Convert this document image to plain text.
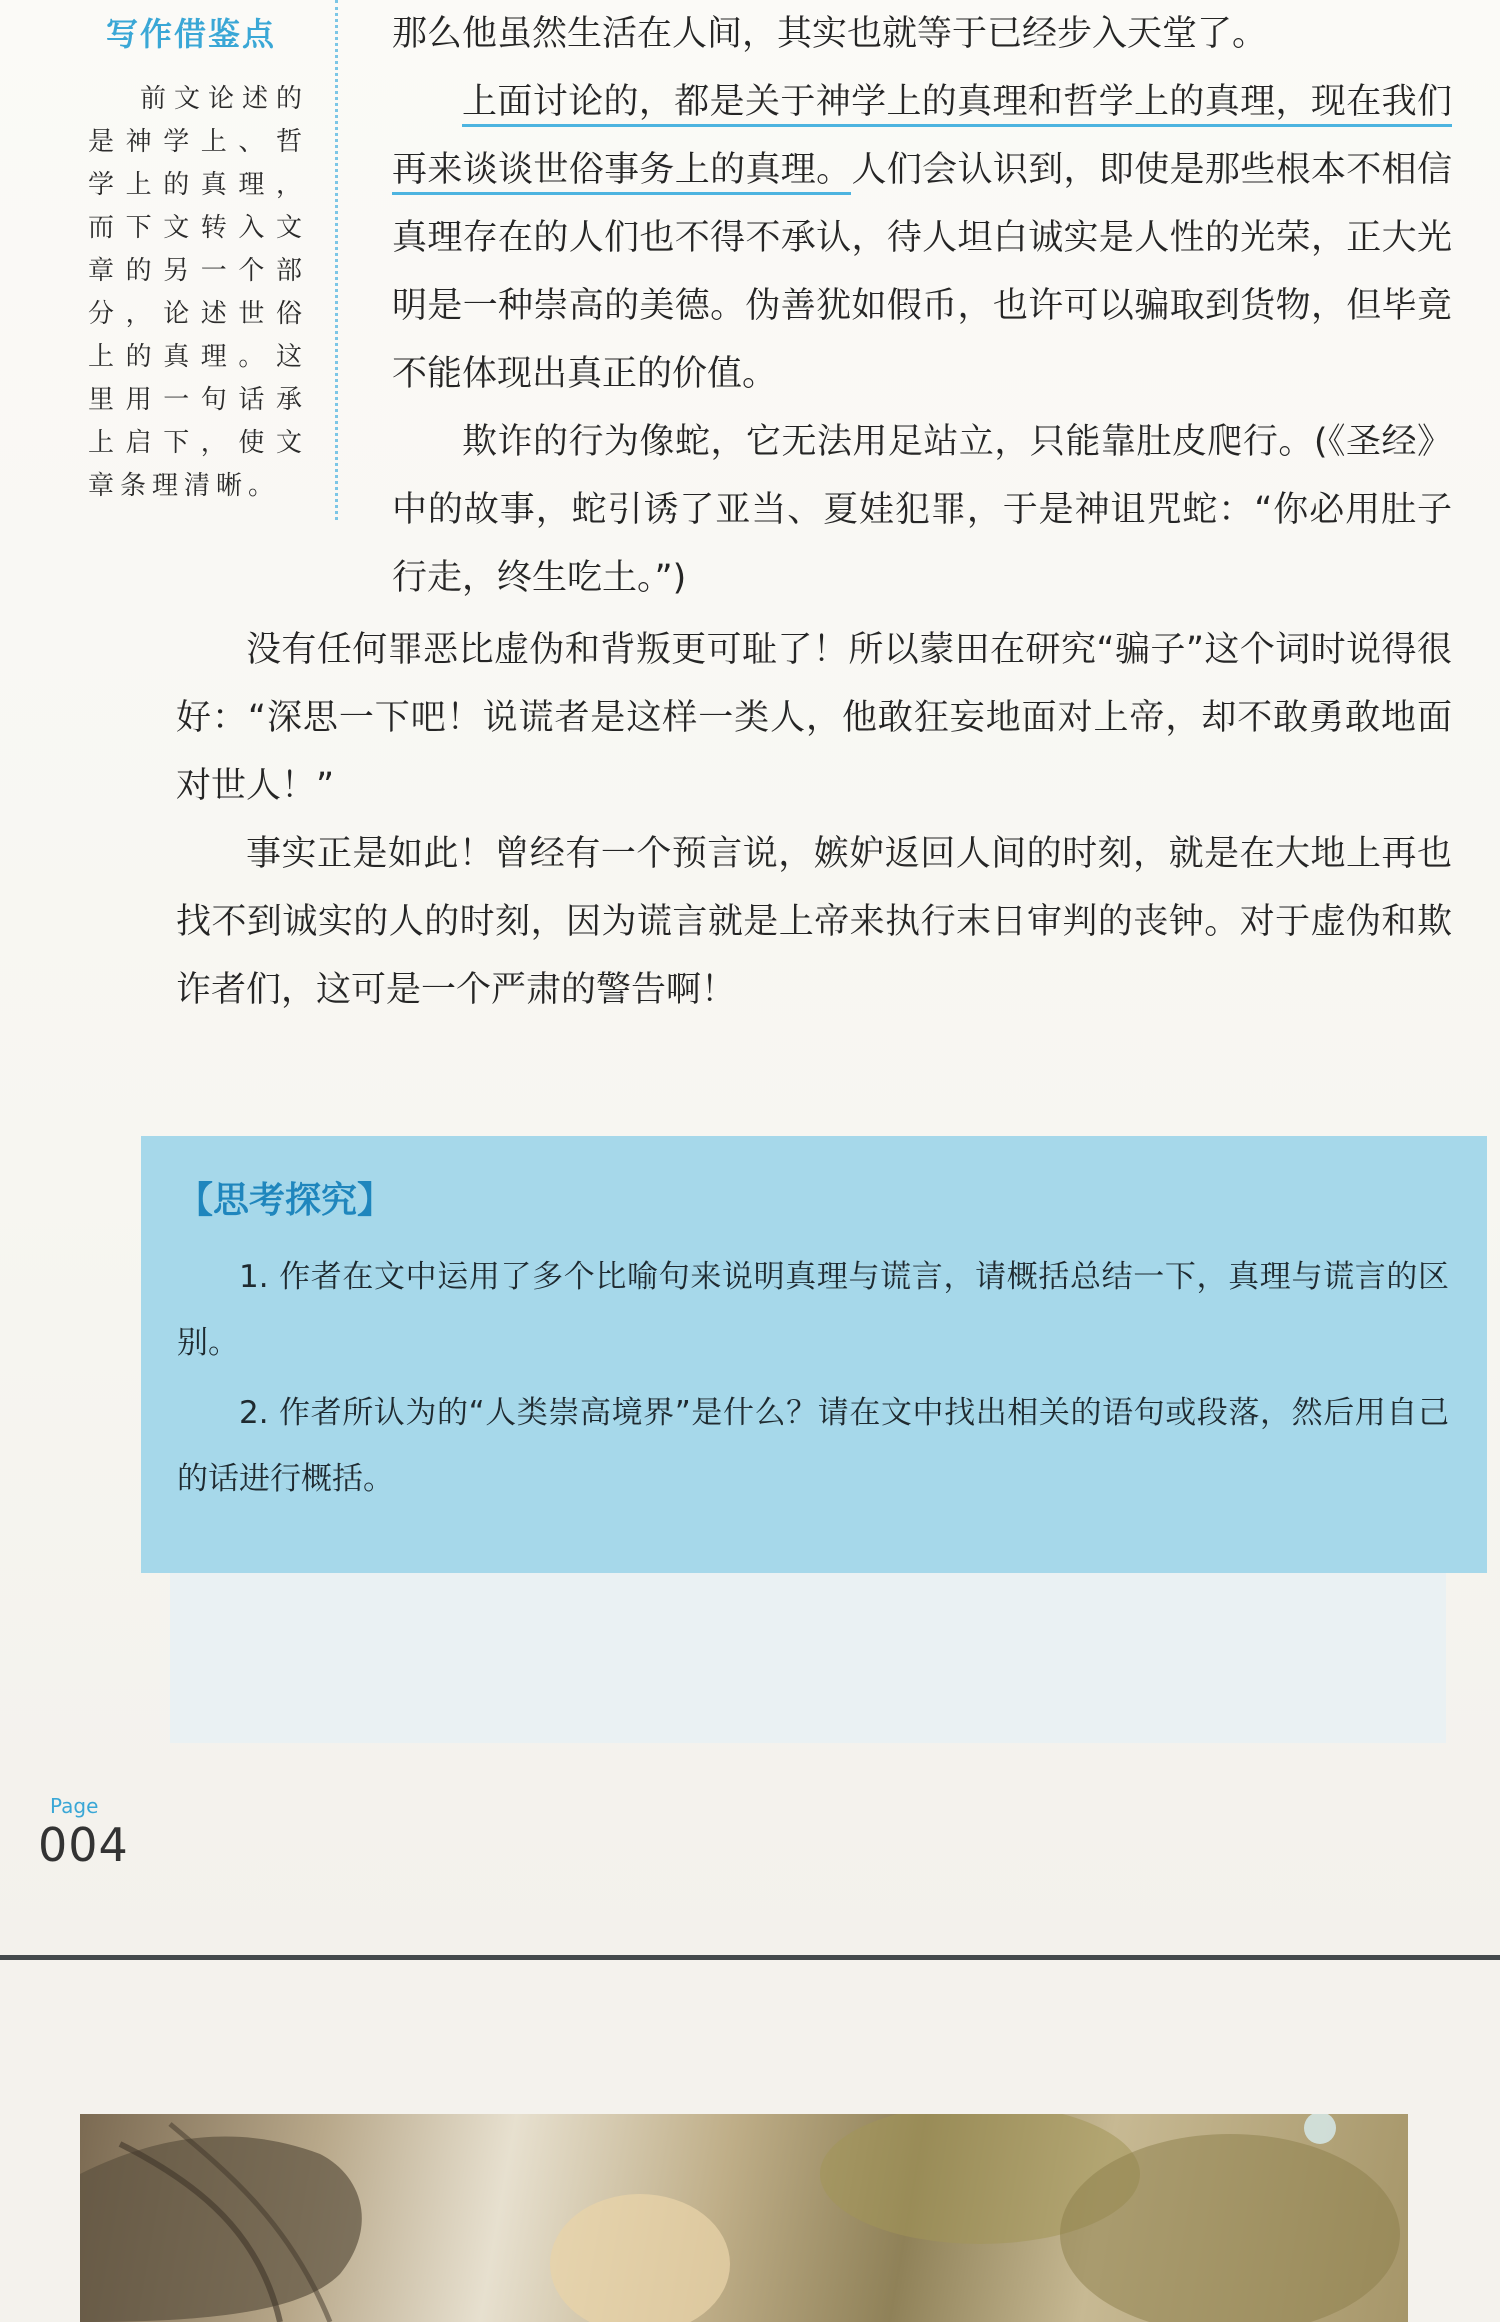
写作借鉴点
前文论述的是神学上、哲学上的真理，而下文转入文章的另一个部分，论述世俗上的真理。这里用一句话承上启下，使文章条理清晰。

那么他虽然生活在人间，其实也就等于已经步入天堂了。

上面讨论的，都是关于神学上的真理和哲学上的真理，现在我们再来谈谈世俗事务上的真理。人们会认识到，即使是那些根本不相信真理存在的人们也不得不承认，待人坦白诚实是人性的光荣，正大光明是一种崇高的美德。伪善犹如假币，也许可以骗取到货物，但毕竟不能体现出真正的价值。

欺诈的行为像蛇，它无法用足站立，只能靠肚皮爬行。(《圣经》中的故事，蛇引诱了亚当、夏娃犯罪，于是神诅咒蛇：“你必用肚子行走，终生吃土。”)

没有任何罪恶比虚伪和背叛更可耻了！所以蒙田在研究“骗子”这个词时说得很好：“深思一下吧！说谎者是这样一类人，他敢狂妄地面对上帝，却不敢勇敢地面对世人！”

事实正是如此！曾经有一个预言说，嫉妒返回人间的时刻，就是在大地上再也找不到诚实的人的时刻，因为谎言就是上帝来执行末日审判的丧钟。对于虚伪和欺诈者们，这可是一个严肃的警告啊！

【思考探究】

1. 作者在文中运用了多个比喻句来说明真理与谎言，请概括总结一下，真理与谎言的区别。

2. 作者所认为的“人类崇高境界”是什么？请在文中找出相关的语句或段落，然后用自己的话进行概括。

Page
004
